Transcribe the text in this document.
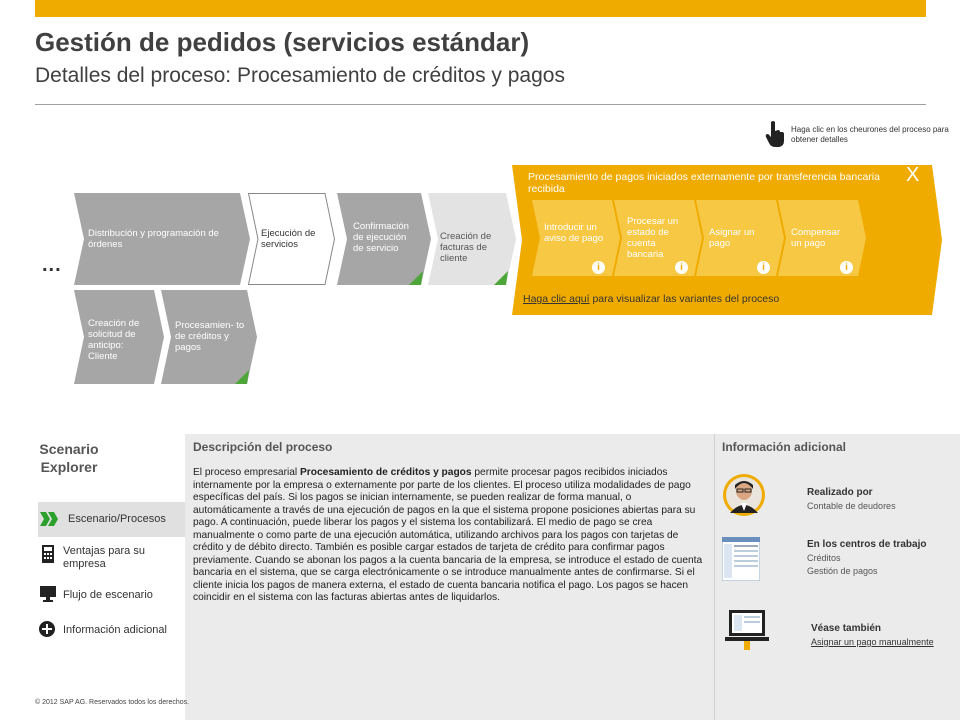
Gestión de pedidos (servicios estándar)
Detalles del proceso: Procesamiento de créditos y pagos
Haga clic en los cheurones del proceso para obtener detalles
...
Distribución y programación de órdenes
Ejecución de servicios
Confirmación de ejecución de servicio
Creación de facturas de cliente
Creación de solicitud de anticipo: Cliente
Procesamien- to de créditos y pagos
Procesamiento de pagos iniciados externamente por transferencia bancaria recibida
X
Introducir un aviso de pago
i
Procesar un estado de cuenta bancaria
i
Asignar un pago
i
Compensar un pago
i
Haga clic aquí para visualizar las variantes del proceso
Scenario Explorer
Escenario/Procesos
Ventajas para su empresa
Flujo de escenario
Información adicional
Descripción del proceso
El proceso empresarial Procesamiento de créditos y pagos permite procesar pagos recibidos iniciados internamente por la empresa o externamente por parte de los clientes. El proceso utiliza modalidades de pago específicas del país. Si los pagos se inician internamente, se pueden realizar de forma manual, o automáticamente a través de una ejecución de pagos en la que el sistema propone posiciones abiertas para su pago. A continuación, puede liberar los pagos y el sistema los contabilizará. El medio de pago se crea manualmente o como parte de una ejecución automática, utilizando archivos para los pagos con tarjetas de crédito y de débito directo. También es posible cargar estados de tarjeta de crédito para confirmar pagos previamente. Cuando se abonan los pagos a la cuenta bancaria de la empresa, se introduce el estado de cuenta bancaria en el sistema, que se carga electrónicamente o se introduce manualmente antes de confirmarse. Si el cliente inicia los pagos de manera externa, el estado de cuenta bancaria notifica el pago. Los pagos se hacen coincidir en el sistema con las facturas abiertas antes de liquidarlos.
Información adicional
Realizado por
Contable de deudores
En los centros de trabajo
Créditos
Gestión de pagos
Véase también
Asignar un pago manualmente
© 2012 SAP AG. Reservados todos los derechos.
